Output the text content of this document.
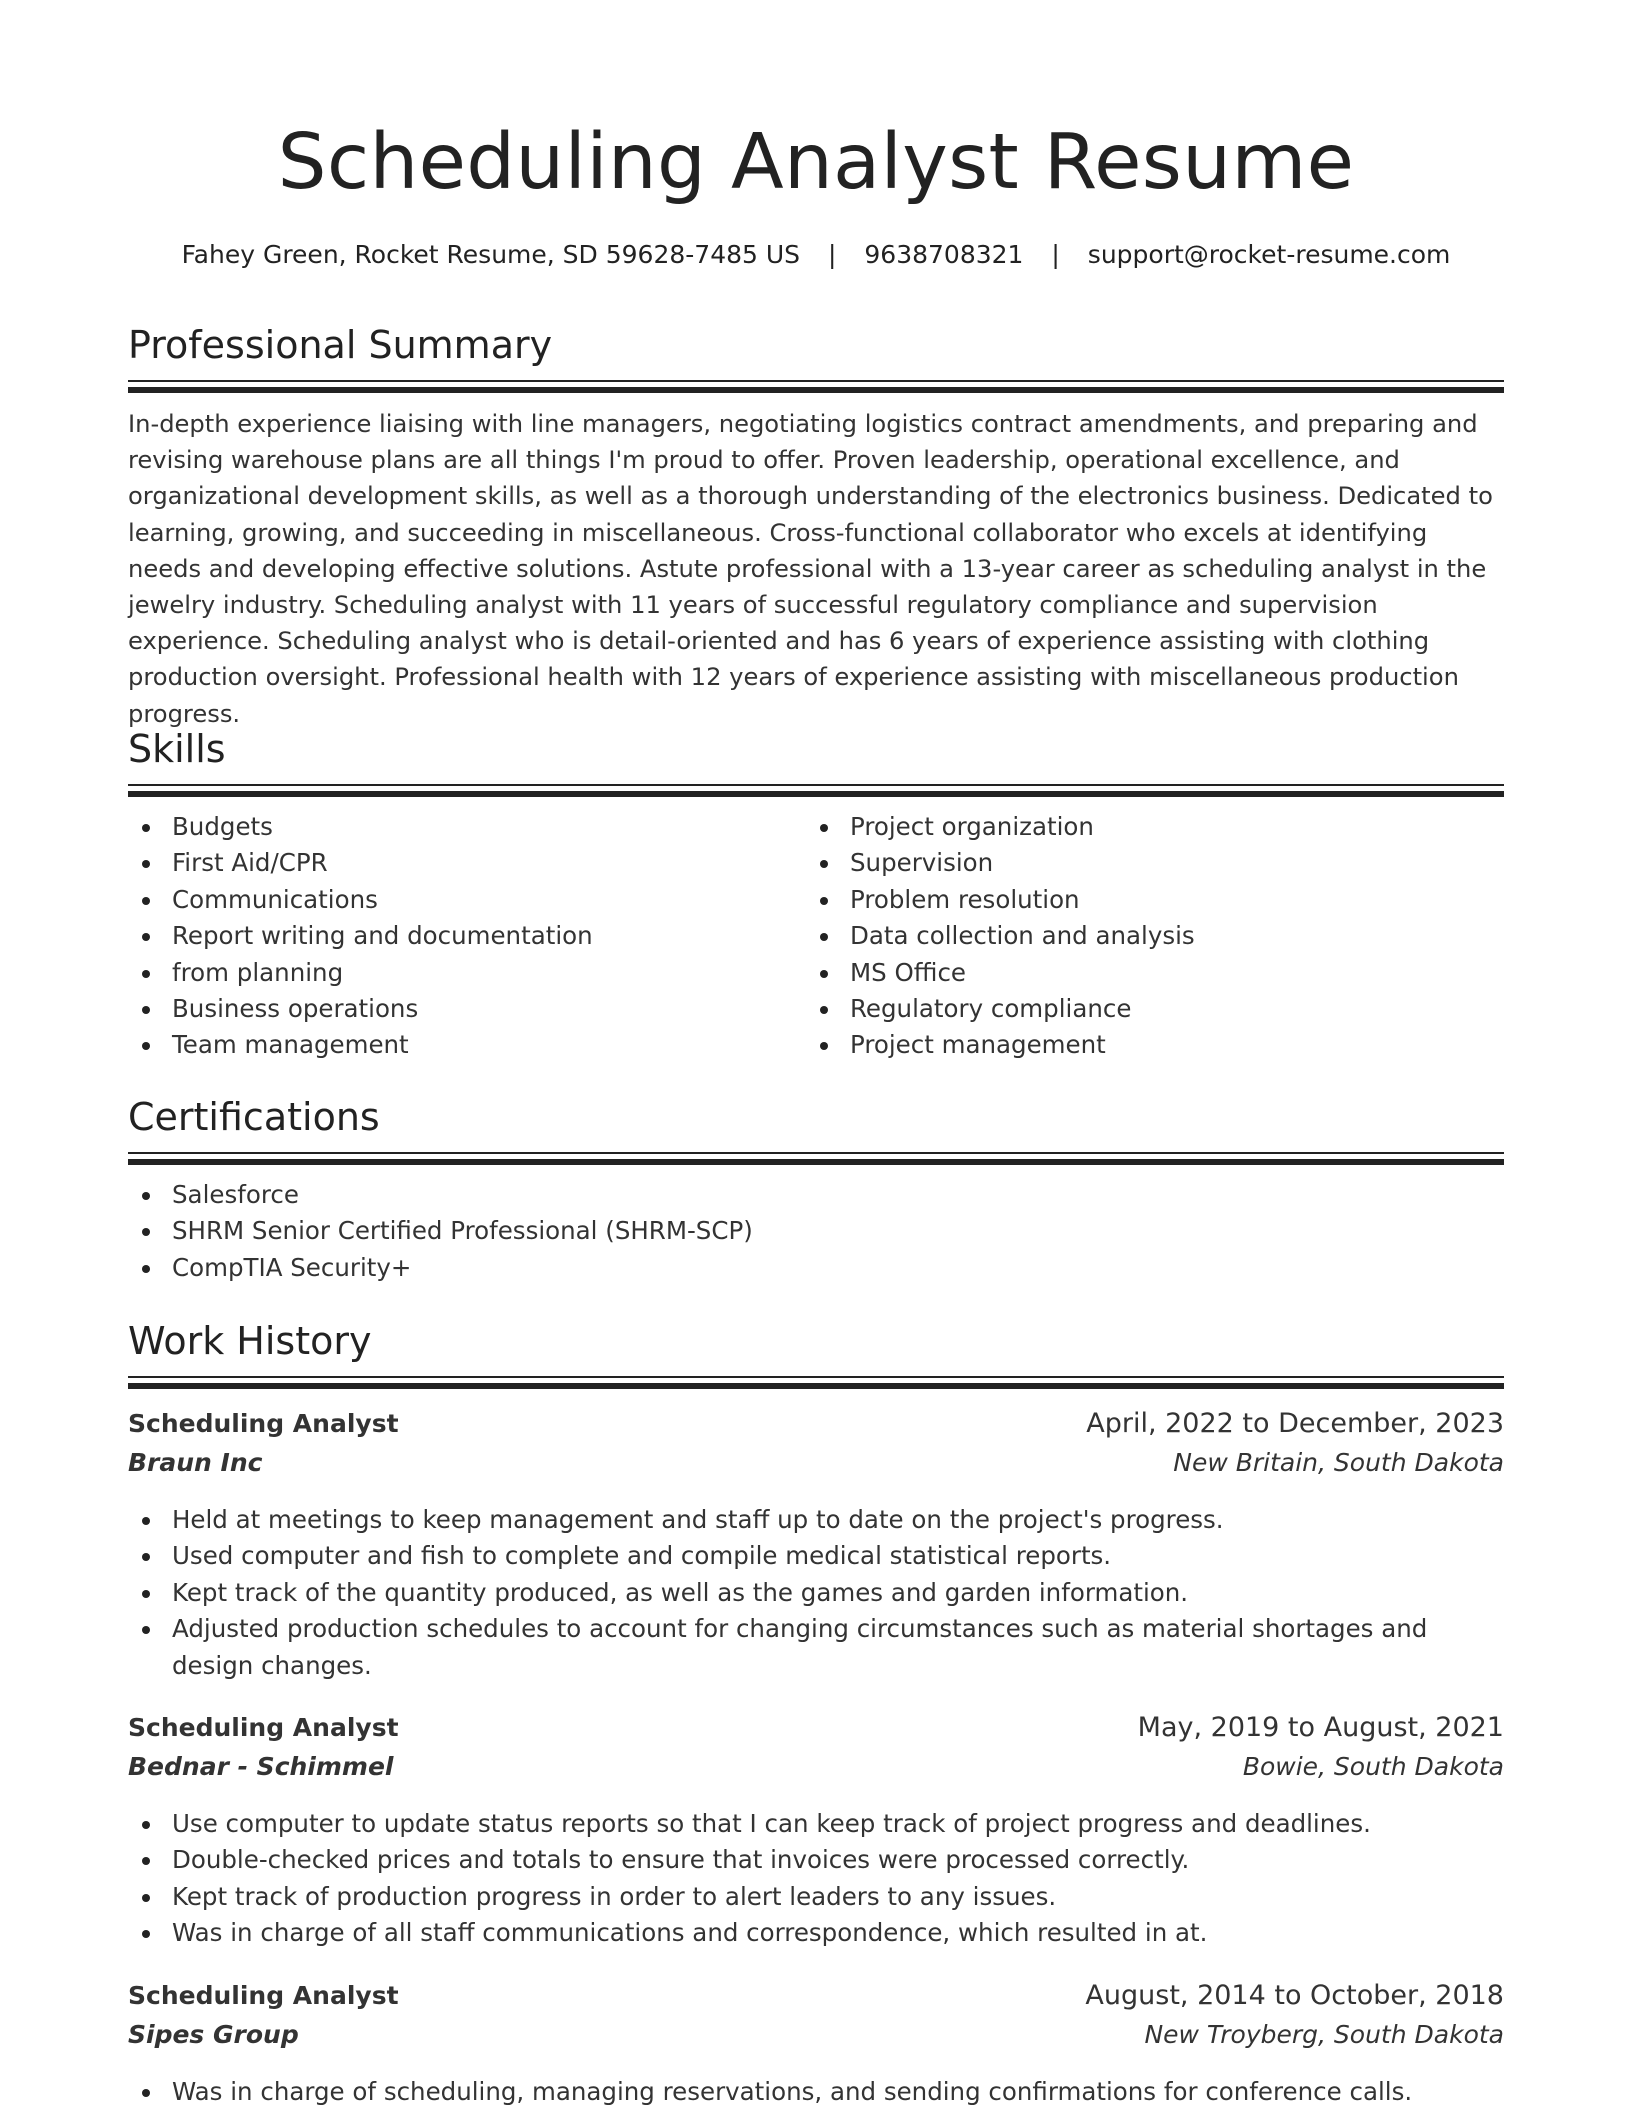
Scheduling Analyst Resume
Fahey Green, Rocket Resume, SD 59628-7485 US | 9638708321 | support@rocket-resume.com
Professional Summary

In-depth experience liaising with line managers, negotiating logistics contract amendments, and preparing and revising warehouse plans are all things I'm proud to offer. Proven leadership, operational excellence, and organizational development skills, as well as a thorough understanding of the electronics business. Dedicated to learning, growing, and succeeding in miscellaneous. Cross-functional collaborator who excels at identifying needs and developing effective solutions. Astute professional with a 13-year career as scheduling analyst in the jewelry industry. Scheduling analyst with 11 years of successful regulatory compliance and supervision experience. Scheduling analyst who is detail-oriented and has 6 years of experience assisting with clothing production oversight. Professional health with 12 years of experience assisting with miscellaneous production progress.

Skills
Budgets
First Aid/CPR
Communications
Report writing and documentation
from planning
Business operations
Team management
Project organization
Supervision
Problem resolution
Data collection and analysis
MS Office
Regulatory compliance
Project management
Certifications
Salesforce
SHRM Senior Certified Professional (SHRM-SCP)
CompTIA Security+
Work History
Scheduling Analyst	April, 2022 to December, 2023
Braun Inc	New Britain, South Dakota
Held at meetings to keep management and staff up to date on the project's progress.
Used computer and fish to complete and compile medical statistical reports.
Kept track of the quantity produced, as well as the games and garden information.
Adjusted production schedules to account for changing circumstances such as material shortages and design changes.
Scheduling Analyst	May, 2019 to August, 2021
Bednar - Schimmel	Bowie, South Dakota
Use computer to update status reports so that I can keep track of project progress and deadlines.
Double-checked prices and totals to ensure that invoices were processed correctly.
Kept track of production progress in order to alert leaders to any issues.
Was in charge of all staff communications and correspondence, which resulted in at.
Scheduling Analyst	August, 2014 to October, 2018
Sipes Group	New Troyberg, South Dakota
Was in charge of scheduling, managing reservations, and sending confirmations for conference calls.
